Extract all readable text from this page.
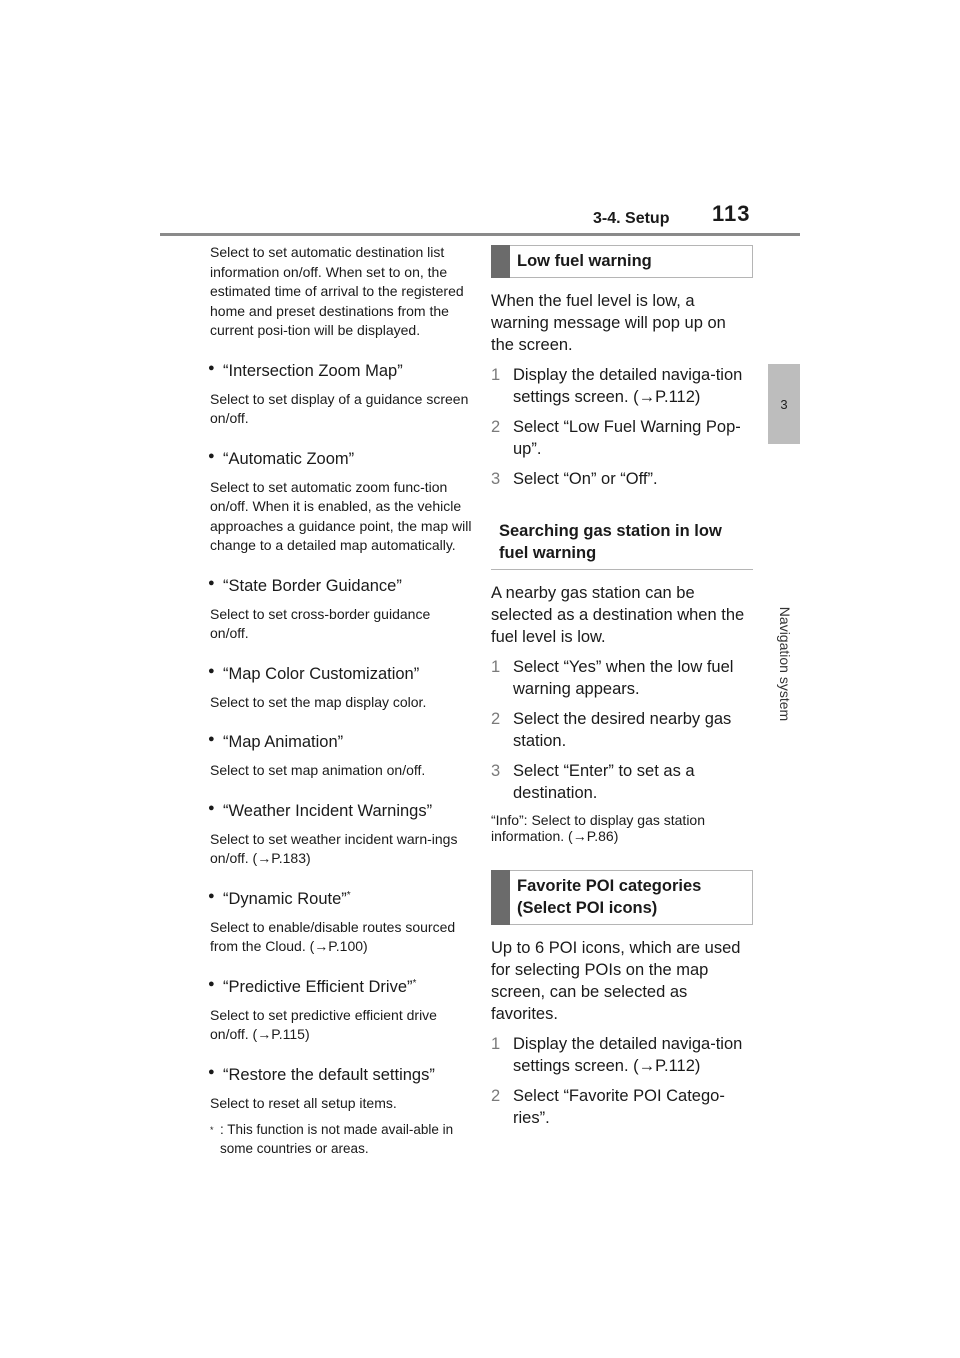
3-4. Setup 113
3
Navigation system

Select to set automatic destination list information on/off. When set to on, the estimated time of arrival to the registered home and preset destinations from the current posi-tion will be displayed.

● “Intersection Zoom Map”

Select to set display of a guidance screen on/off.

● “Automatic Zoom”

Select to set automatic zoom func-tion on/off. When it is enabled, as the vehicle approaches a guidance point, the map will change to a detailed map automatically.

● “State Border Guidance”

Select to set cross-border guidance on/off.

● “Map Color Customization”

Select to set the map display color.

● “Map Animation”

Select to set map animation on/off.

● “Weather Incident Warnings”

Select to set weather incident warn-ings on/off. (→P.183)

● “Dynamic Route”*

Select to enable/disable routes sourced from the Cloud. (→P.100)

● “Predictive Efficient Drive”*

Select to set predictive efficient drive on/off. (→P.115)

● “Restore the default settings”

Select to reset all setup items.

* : This function is not made avail-able in some countries or areas.
Low fuel warning

When the fuel level is low, a warning message will pop up on the screen.

1 Display the detailed naviga-tion settings screen. (→P.112)
2 Select “Low Fuel Warning Pop-up”.
3 Select “On” or “Off”.
Searching gas station in low fuel warning

A nearby gas station can be selected as a destination when the fuel level is low.

1 Select “Yes” when the low fuel warning appears.
2 Select the desired nearby gas station.
3 Select “Enter” to set as a destination.

“Info”: Select to display gas station information. (→P.86)

Favorite POI categories (Select POI icons)

Up to 6 POI icons, which are used for selecting POIs on the map screen, can be selected as favorites.

1 Display the detailed naviga-tion settings screen. (→P.112)
2 Select “Favorite POI Catego-ries”.
